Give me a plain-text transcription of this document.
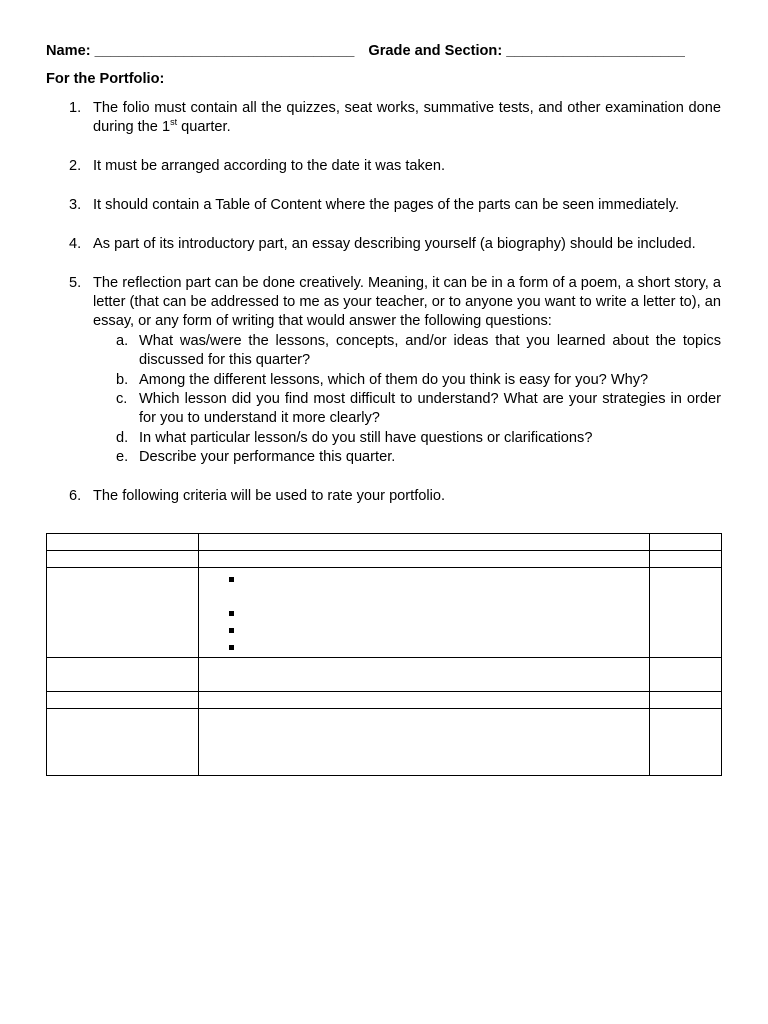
Name: ________________________________ Grade and Section: ______________________
For the Portfolio:
1. The folio must contain all the quizzes, seat works, summative tests, and other examination done during the 1st quarter.
2. It must be arranged according to the date it was taken.
3. It should contain a Table of Content where the pages of the parts can be seen immediately.
4. As part of its introductory part, an essay describing yourself (a biography) should be included.
5. The reflection part can be done creatively. Meaning, it can be in a form of a poem, a short story, a letter (that can be addressed to me as your teacher, or to anyone you want to write a letter to), an essay, or any form of writing that would answer the following questions:
a. What was/were the lessons, concepts, and/or ideas that you learned about the topics discussed for this quarter?
b. Among the different lessons, which of them do you think is easy for you? Why?
c. Which lesson did you find most difficult to understand? What are your strategies in order for you to understand it more clearly?
d. In what particular lesson/s do you still have questions or clarifications?
e. Describe your performance this quarter.
6. The following criteria will be used to rate your portfolio.
